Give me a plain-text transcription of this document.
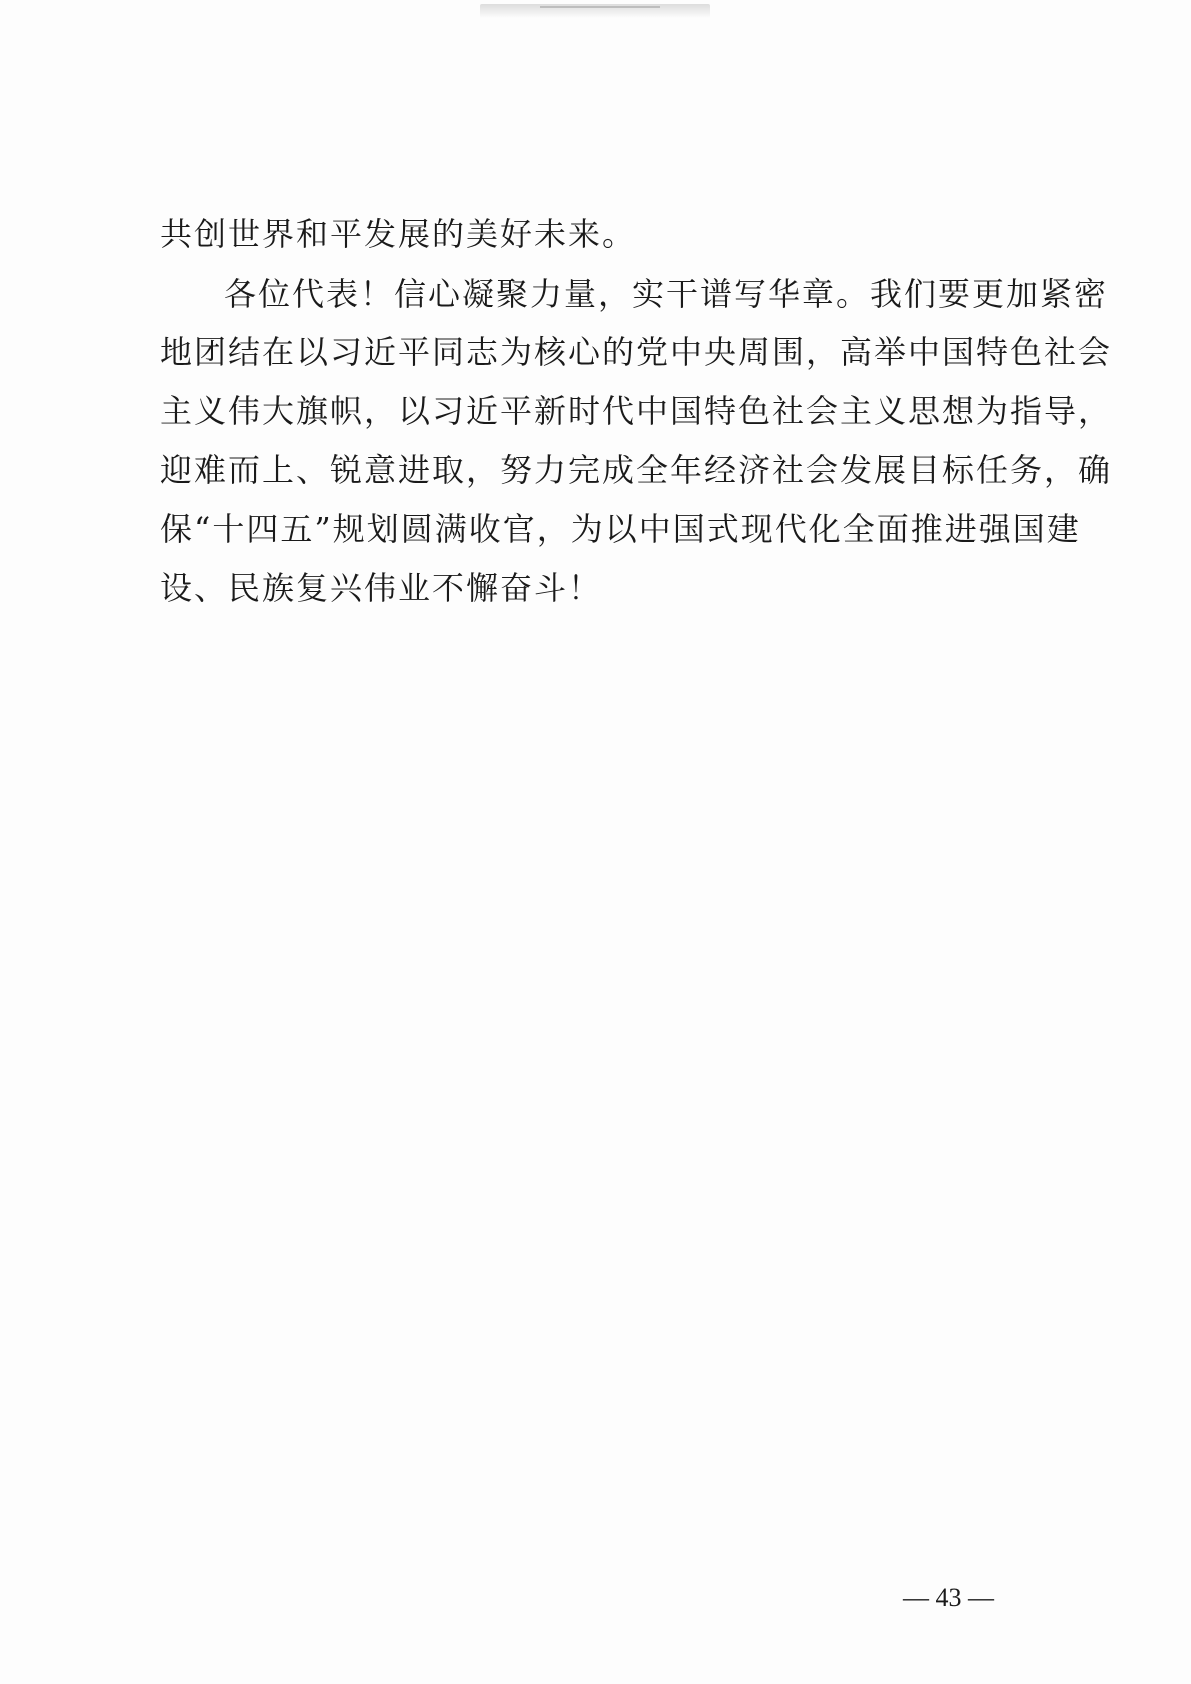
共创世界和平发展的美好未来。
各位代表！信心凝聚力量，实干谱写华章。我们要更加紧密
地团结在以习近平同志为核心的党中央周围，高举中国特色社会
主义伟大旗帜，以习近平新时代中国特色社会主义思想为指导，
迎难而上、锐意进取，努力完成全年经济社会发展目标任务，确
保“十四五”规划圆满收官，为以中国式现代化全面推进强国建
设、民族复兴伟业不懈奋斗！
— 43 —
